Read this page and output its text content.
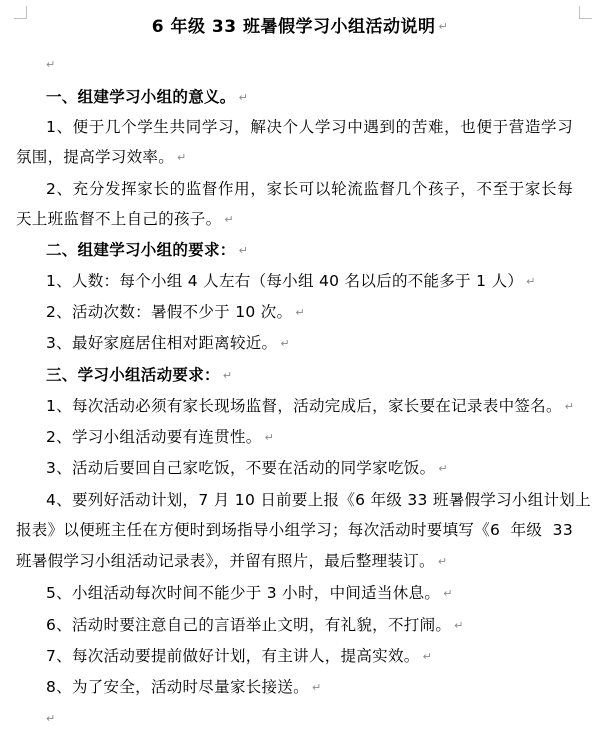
6 年级 33 班暑假学习小组活动说明 ↵
↵
一、组建学习小组的意义。 ↵
1、便于几个学生共同学习，解决个人学习中遇到的苦难，也便于营造学习
氛围，提高学习效率。 ↵
2、充分发挥家长的监督作用，家长可以轮流监督几个孩子，不至于家长每
天上班监督不上自己的孩子。 ↵
二、组建学习小组的要求： ↵
1、人数：每个小组 4 人左右（每小组 40 名以后的不能多于 1 人） ↵
2、活动次数：暑假不少于 10 次。 ↵
3、最好家庭居住相对距离较近。 ↵
三、学习小组活动要求： ↵
1、每次活动必须有家长现场监督，活动完成后，家长要在记录表中签名。 ↵
2、学习小组活动要有连贯性。 ↵
3、活动后要回自己家吃饭，不要在活动的同学家吃饭。 ↵
4、要列好活动计划，7 月 10 日前要上报《6 年级 33 班暑假学习小组计划上
报表》以便班主任在方便时到场指导小组学习；每次活动时要填写《6  年级  33
班暑假学习小组活动记录表》，并留有照片，最后整理装订。 ↵
5、小组活动每次时间不能少于 3 小时，中间适当休息。 ↵
6、活动时要注意自己的言语举止文明，有礼貌，不打闹。 ↵
7、每次活动要提前做好计划，有主讲人，提高实效。 ↵
8、为了安全，活动时尽量家长接送。 ↵
↵
